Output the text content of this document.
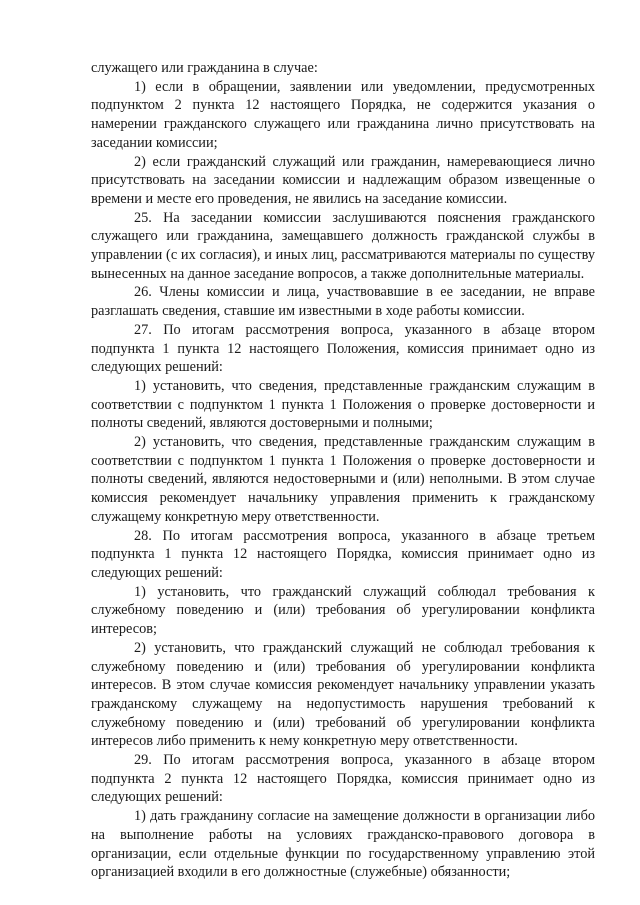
служащего или гражданина в случае:

1) если в обращении, заявлении или уведомлении, предусмотренных подпунктом 2 пункта 12 настоящего Порядка, не содержится указания о намерении гражданского служащего или гражданина лично присутствовать на заседании комиссии;

2) если гражданский служащий или гражданин, намеревающиеся лично присутствовать на заседании комиссии и надлежащим образом извещенные о времени и месте его проведения, не явились на заседание комиссии.

25. На заседании комиссии заслушиваются пояснения гражданского служащего или гражданина, замещавшего должность гражданской службы в управлении (с их согласия), и иных лиц, рассматриваются материалы по существу вынесенных на данное заседание вопросов, а также дополнительные материалы.

26. Члены комиссии и лица, участвовавшие в ее заседании, не вправе разглашать сведения, ставшие им известными в ходе работы комиссии.

27. По итогам рассмотрения вопроса, указанного в абзаце втором подпункта 1 пункта 12 настоящего Положения, комиссия принимает одно из следующих решений:

1) установить, что сведения, представленные гражданским служащим в соответствии с подпунктом 1 пункта 1 Положения о проверке достоверности и полноты сведений, являются достоверными и полными;

2) установить, что сведения, представленные гражданским служащим в соответствии с подпунктом 1 пункта 1 Положения о проверке достоверности и полноты сведений, являются недостоверными и (или) неполными. В этом случае комиссия рекомендует начальнику управления применить к гражданскому служащему конкретную меру ответственности.

28. По итогам рассмотрения вопроса, указанного в абзаце третьем подпункта 1 пункта 12 настоящего Порядка, комиссия принимает одно из следующих решений:

1) установить, что гражданский служащий соблюдал требования к служебному поведению и (или) требования об урегулировании конфликта интересов;

2) установить, что гражданский служащий не соблюдал требования к служебному поведению и (или) требования об урегулировании конфликта интересов. В этом случае комиссия рекомендует начальнику управлении указать гражданскому служащему на недопустимость нарушения требований к служебному поведению и (или) требований об урегулировании конфликта интересов либо применить к нему конкретную меру ответственности.

29. По итогам рассмотрения вопроса, указанного в абзаце втором подпункта 2 пункта 12 настоящего Порядка, комиссия принимает одно из следующих решений:

1) дать гражданину согласие на замещение должности в организации либо на выполнение работы на условиях гражданско-правового договора в организации, если отдельные функции по государственному управлению этой организацией входили в его должностные (служебные) обязанности;
